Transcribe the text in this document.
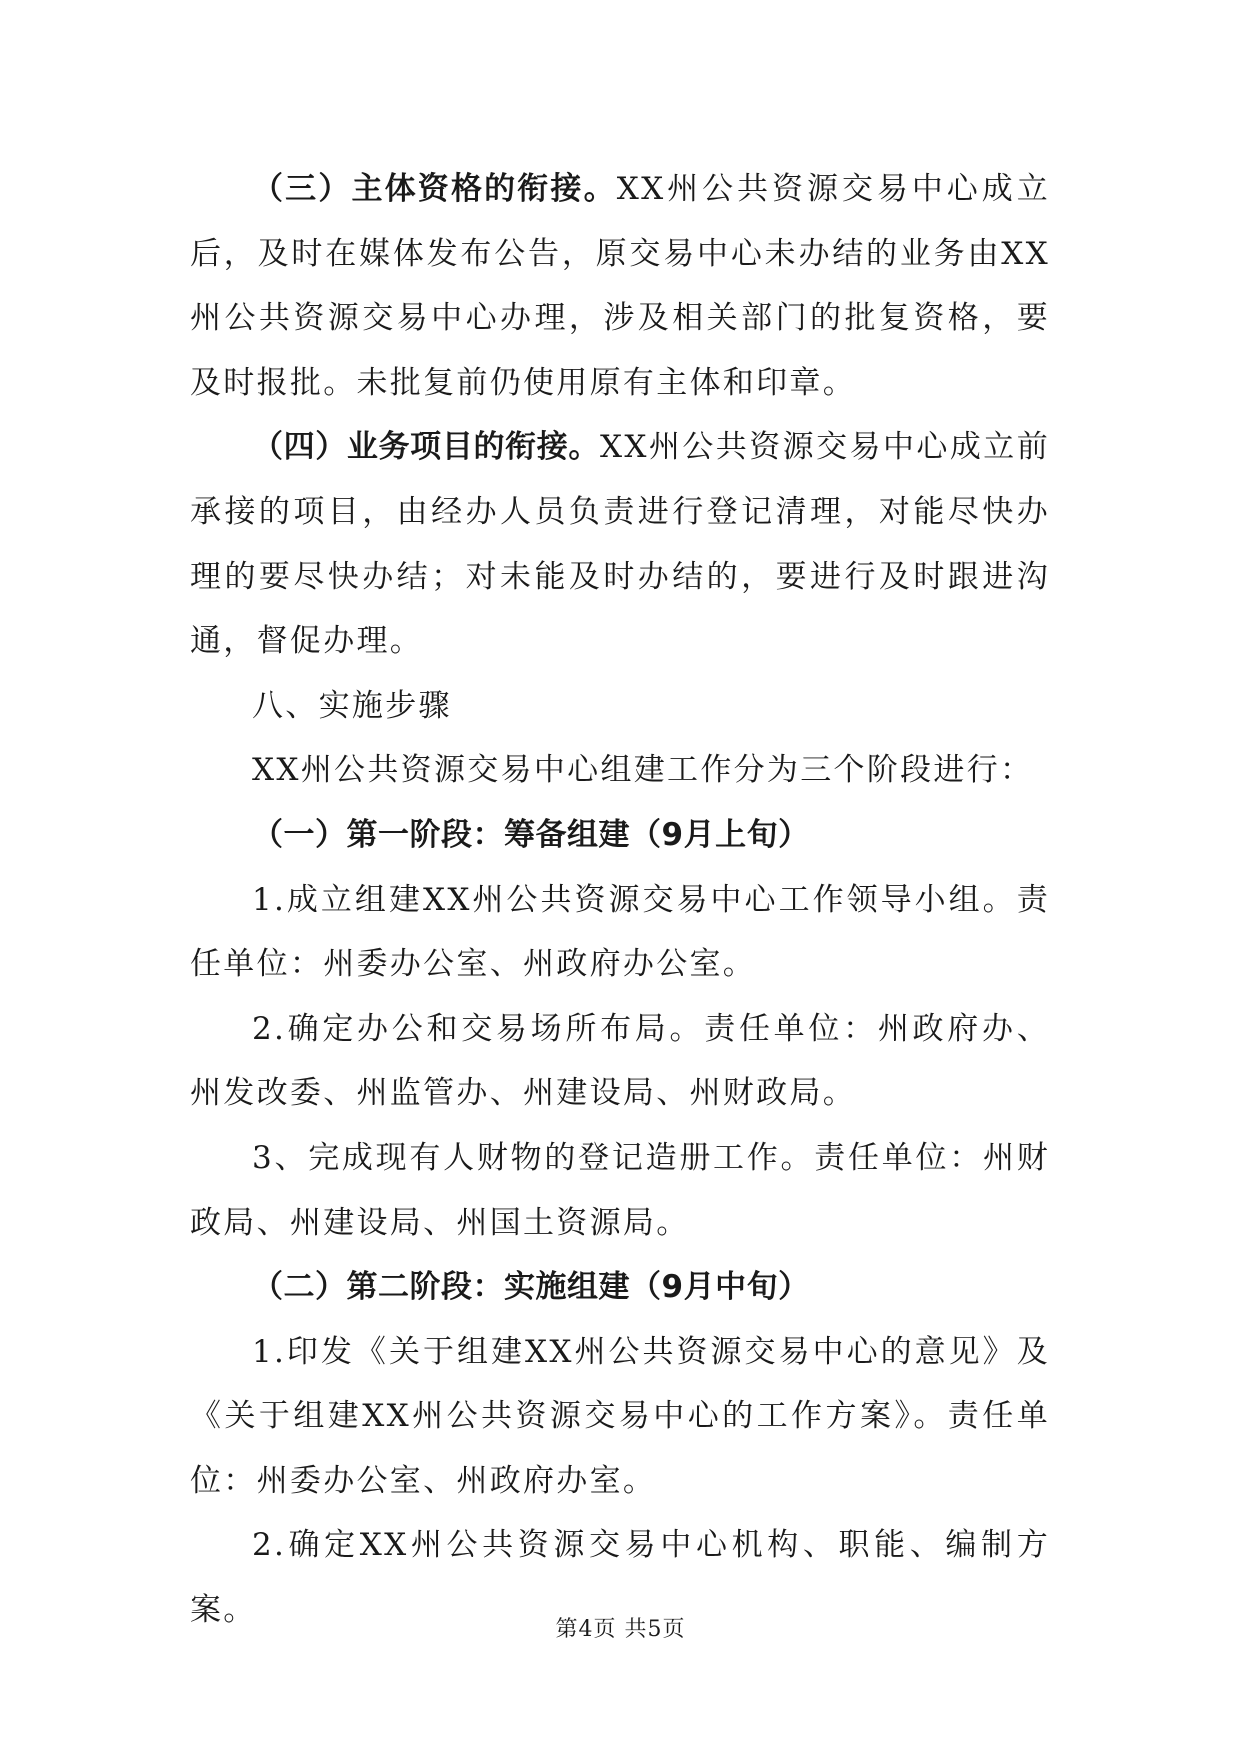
（三）主体资格的衔接。XX州公共资源交易中心成立后，及时在媒体发布公告，原交易中心未办结的业务由XX州公共资源交易中心办理，涉及相关部门的批复资格，要及时报批。未批复前仍使用原有主体和印章。

（四）业务项目的衔接。XX州公共资源交易中心成立前承接的项目，由经办人员负责进行登记清理，对能尽快办理的要尽快办结；对未能及时办结的，要进行及时跟进沟通，督促办理。

八、实施步骤

XX州公共资源交易中心组建工作分为三个阶段进行：

（一）第一阶段：筹备组建（9月上旬）

1.成立组建XX州公共资源交易中心工作领导小组。责任单位：州委办公室、州政府办公室。

2.确定办公和交易场所布局。责任单位：州政府办、州发改委、州监管办、州建设局、州财政局。

3、完成现有人财物的登记造册工作。责任单位：州财政局、州建设局、州国土资源局。

（二）第二阶段：实施组建（9月中旬）

1.印发《关于组建XX州公共资源交易中心的意见》及《关于组建XX州公共资源交易中心的工作方案》。责任单位：州委办公室、州政府办室。

2.确定XX州公共资源交易中心机构、职能、编制方案。

第4页 共5页
